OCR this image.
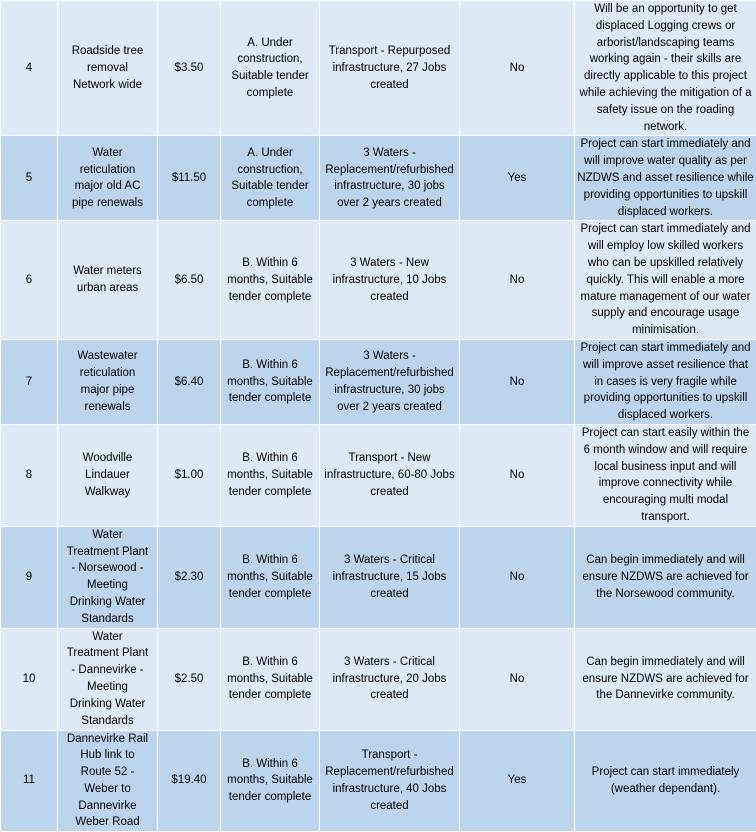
4	Roadside tree removal Network wide	$3.50	A. Under construction, Suitable tender complete	Transport - Repurposed infrastructure, 27 Jobs created	No	Will be an opportunity to get displaced Logging crews or arborist/landscaping teams working again - their skills are directly applicable to this project while achieving the mitigation of a safety issue on the roading network.
5	Water reticulation major old AC pipe renewals	$11.50	A. Under construction, Suitable tender complete	3 Waters - Replacement/refurbished infrastructure, 30 jobs over 2 years created	Yes	Project can start immediately and will improve water quality as per NZDWS and asset resilience while providing opportunities to upskill displaced workers.
6	Water meters urban areas	$6.50	B. Within 6 months, Suitable tender complete	3 Waters - New infrastructure, 10 Jobs created	No	Project can start immediately and will employ low skilled workers who can be upskilled relatively quickly. This will enable a more mature management of our water supply and encourage usage minimisation.
7	Wastewater reticulation major pipe renewals	$6.40	B. Within 6 months, Suitable tender complete	3 Waters - Replacement/refurbished infrastructure, 30 jobs over 2 years created	No	Project can start immediately and will improve asset resilience that in cases is very fragile while providing opportunities to upskill displaced workers.
8	Woodville Lindauer Walkway	$1.00	B. Within 6 months, Suitable tender complete	Transport - New infrastructure, 60-80 Jobs created	No	Project can start easily within the 6 month window and will require local business input and will improve connectivity while encouraging multi modal transport.
9	Water Treatment Plant - Norsewood - Meeting Drinking Water Standards	$2.30	B. Within 6 months, Suitable tender complete	3 Waters - Critical infrastructure, 15 Jobs created	No	Can begin immediately and will ensure NZDWS are achieved for the Norsewood community.
10	Water Treatment Plant - Dannevirke - Meeting Drinking Water Standards	$2.50	B. Within 6 months, Suitable tender complete	3 Waters - Critical infrastructure, 20 Jobs created	No	Can begin immediately and will ensure NZDWS are achieved for the Dannevirke community.
11	Dannevirke Rail Hub link to Route 52 - Weber to Dannevirke Weber Road	$19.40	B. Within 6 months, Suitable tender complete	Transport - Replacement/refurbished infrastructure, 40 Jobs created	Yes	Project can start immediately (weather dependant).
